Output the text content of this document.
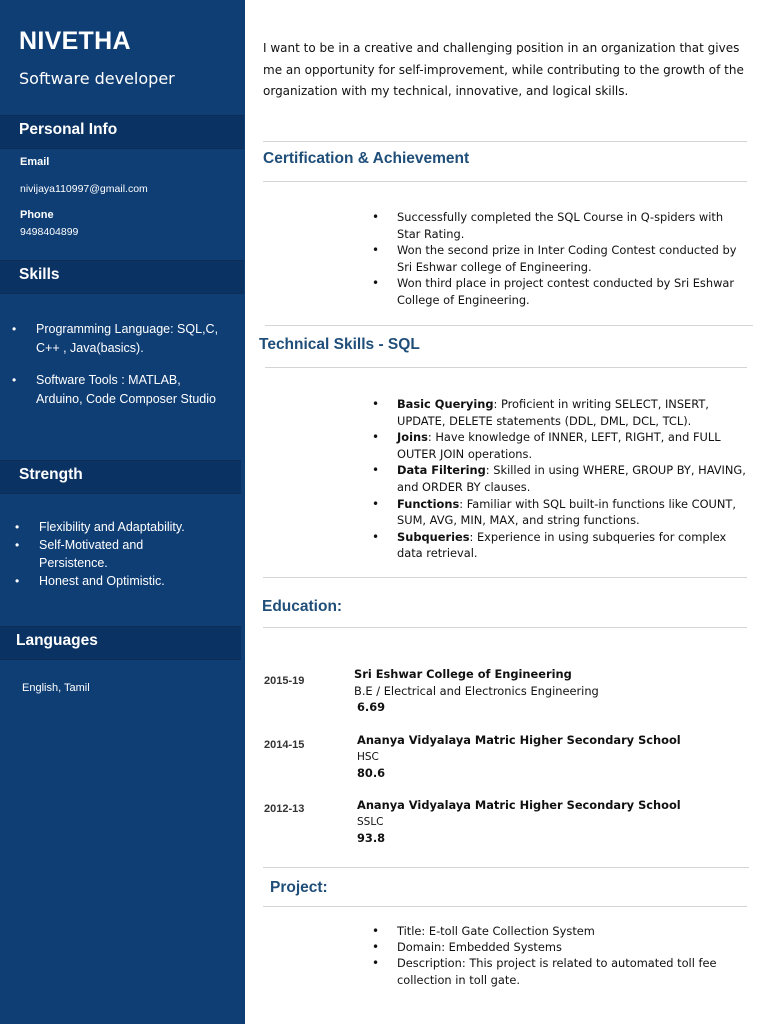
NIVETHA
Software developer
Personal Info
Email
nivijaya110997@gmail.com
Phone
9498404899
Skills
• Programming Language: SQL,C, C++ , Java(basics).
• Software Tools : MATLAB, Arduino, Code Composer Studio
Strength
• Flexibility and Adaptability.
• Self-Motivated and Persistence.
• Honest and Optimistic.
Languages
English, Tamil
I want to be in a creative and challenging position in an organization that gives me an opportunity for self-improvement, while contributing to the growth of the organization with my technical, innovative, and logical skills.
Certification & Achievement
• Successfully completed the SQL Course in Q-spiders with Star Rating.
• Won the second prize in Inter Coding Contest conducted by Sri Eshwar college of Engineering.
• Won third place in project contest conducted by Sri Eshwar College of Engineering.
Technical Skills - SQL
• Basic Querying: Proficient in writing SELECT, INSERT, UPDATE, DELETE statements (DDL, DML, DCL, TCL).
• Joins: Have knowledge of INNER, LEFT, RIGHT, and FULL OUTER JOIN operations.
• Data Filtering: Skilled in using WHERE, GROUP BY, HAVING, and ORDER BY clauses.
• Functions: Familiar with SQL built-in functions like COUNT, SUM, AVG, MIN, MAX, and string functions.
• Subqueries: Experience in using subqueries for complex data retrieval.
Education:
2015-19	Sri Eshwar College of Engineering
B.E / Electrical and Electronics Engineering
6.69
2014-15	Ananya Vidyalaya Matric Higher Secondary School
HSC
80.6
2012-13	Ananya Vidyalaya Matric Higher Secondary School
SSLC
93.8
Project:
• Title: E-toll Gate Collection System
• Domain: Embedded Systems
• Description: This project is related to automated toll fee collection in toll gate.
